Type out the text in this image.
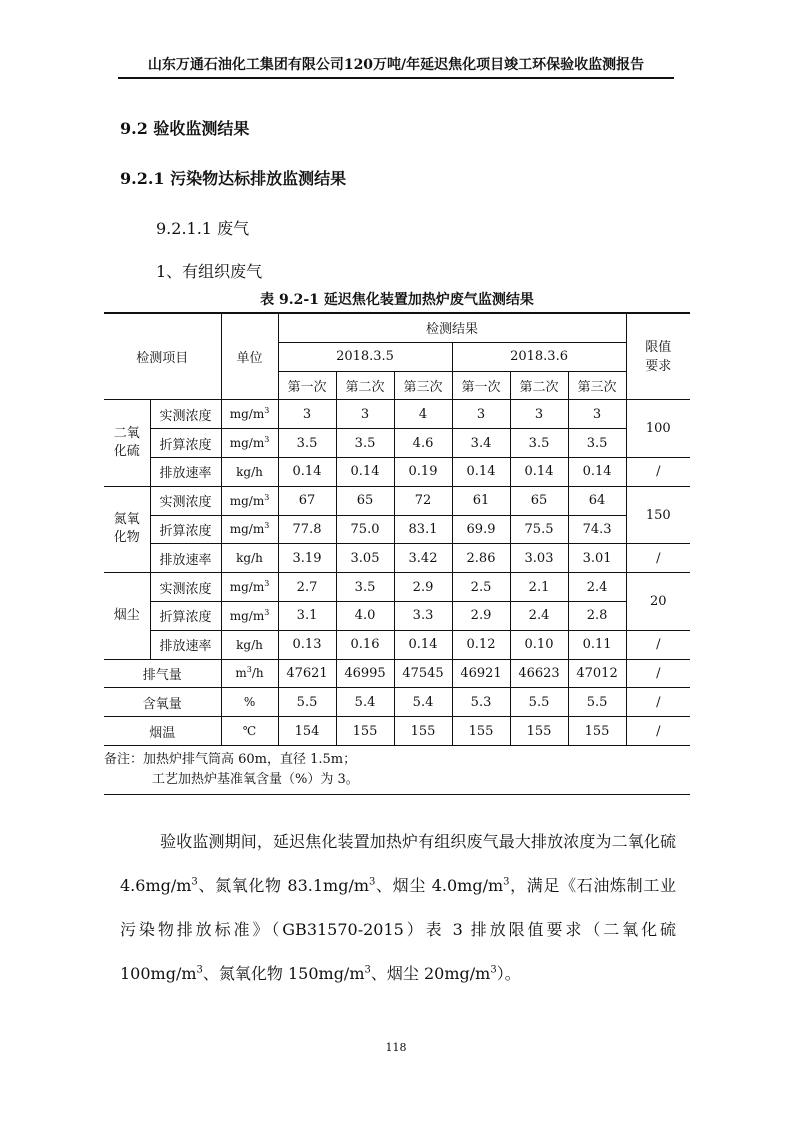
山东万通石油化工集团有限公司120万吨/年延迟焦化项目竣工环保验收监测报告
9.2 验收监测结果
9.2.1 污染物达标排放监测结果
9.2.1.1 废气
1、有组织废气
表 9.2-1 延迟焦化装置加热炉废气监测结果
检测项目		单位	检测结果						限值要求
			2018.3.5			2018.3.6			
			第一次	第二次	第三次	第一次	第二次	第三次	
二氧化硫	实测浓度	$mg/m^3$	3	3	4	3	3	3	100
	折算浓度	$mg/m^3$	3.5	3.5	4.6	3.4	3.5	3.5	
	排放速率	kg/h	0.14	0.14	0.19	0.14	0.14	0.14	/
氮氧化物	实测浓度	$mg/m^3$	67	65	72	61	65	64	150
	折算浓度	$mg/m^3$	77.8	75.0	83.1	69.9	75.5	74.3	
	排放速率	kg/h	3.19	3.05	3.42	2.86	3.03	3.01	/
烟尘	实测浓度	$mg/m^3$	2.7	3.5	2.9	2.5	2.1	2.4	20
	折算浓度	$mg/m^3$	3.1	4.0	3.3	2.9	2.4	2.8	
	排放速率	kg/h	0.13	0.16	0.14	0.12	0.10	0.11	/
排气量		$m^3/h$	47621	46995	47545	46921	46623	47012	/
含氧量		%	5.5	5.4	5.4	5.3	5.5	5.5	/
烟温		℃	154	155	155	155	155	155	/
备注：加热炉排气筒高 60m，直径 1.5m；
工艺加热炉基准氧含量（%）为 3。
验收监测期间，延迟焦化装置加热炉有组织废气最大排放浓度为二氧化硫 $4.6mg/m^3$、氮氧化物 $83.1mg/m^3$、烟尘 $4.0mg/m^3$，满足《石油炼制工业污染物排放标准》（GB31570-2015）表 3 排放限值要求（二氧化硫 $100mg/m^3$、氮氧化物 $150mg/m^3$、烟尘 $20mg/m^3$）。
118
